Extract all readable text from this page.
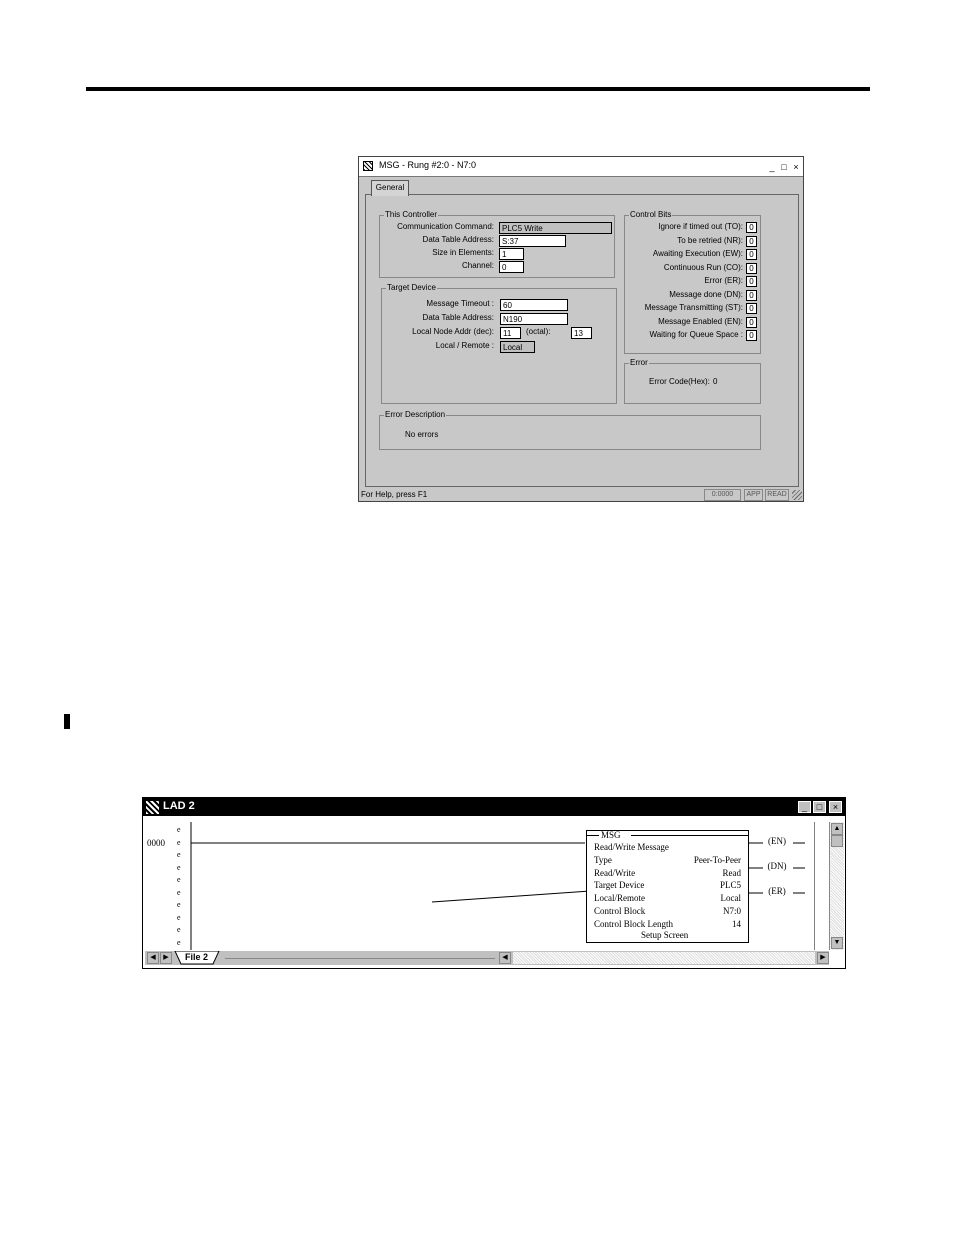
MSG - Rung #2:0 - N7:0	_ □ ×
This Controller
Communication Command:	PLC5 Write
Data Table Address:	S:37
Size in Elements:	1
Channel:	0
Target Device
Message Timeout :	60
Data Table Address:	N190
Local Node Addr (dec):	11	(octal):	13
Local / Remote :	Local
Control Bits
Ignore if timed out (TO): 0
To be retried (NR): 0
Awaiting Execution (EW): 0
Continuous Run (CO): 0
Error (ER): 0
Message done (DN): 0
Message Transmitting (ST): 0
Message Enabled (EN): 0
Waiting for Queue Space : 0
Error
Error Code(Hex): 0
Error Description
No errors
General
For Help, press F1	0:0000	APP READ
LAD 2	_	□	×
0000
e
e
e
e
e
e
e
e
e
e
MSG
Read/Write Message
Type	Peer-To-Peer
Read/Write	Read
Target Device	PLC5
Local/Remote	Local
Control Block	N7:0
Control Block Length	14
Setup Screen
(EN)
(DN)
(ER)
▲
▼
◀	▶	File 2	◀	▶
